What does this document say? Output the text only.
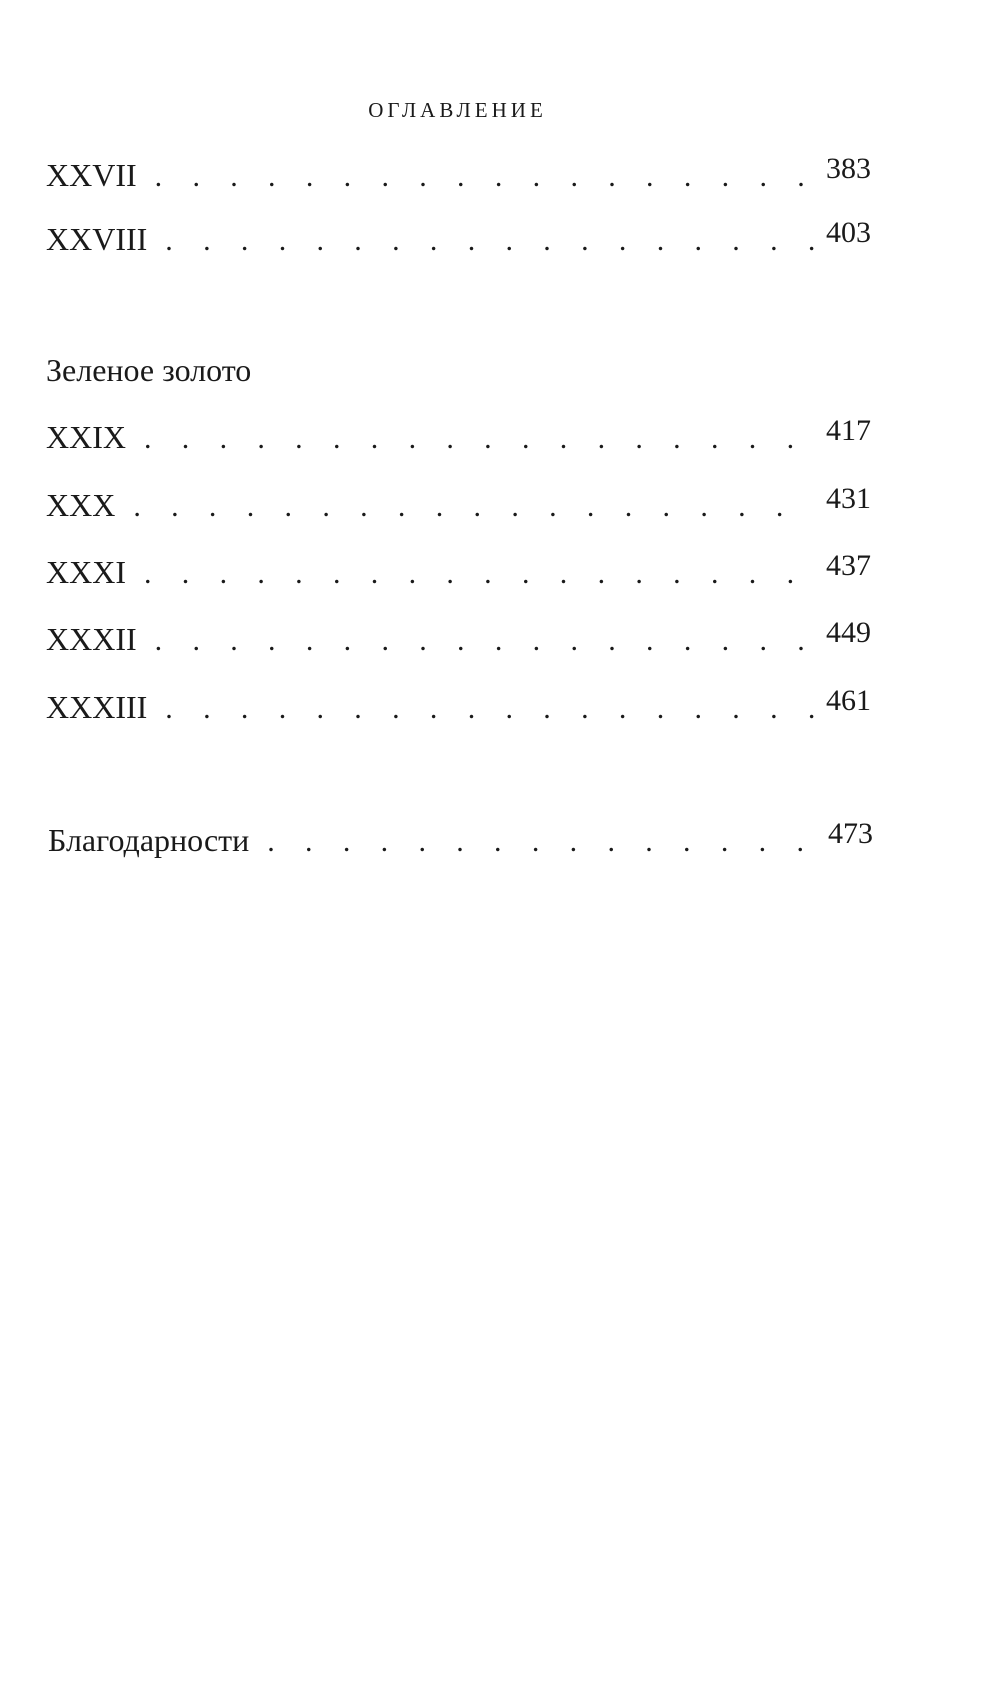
ОГЛАВЛЕНИЕ
XXVII . . .	383
XXVIII . . .	403
Зеленое золото
XXIX . . .	417
XXX . . .	431
XXXI . . .	437
XXXII . . .	449
XXXIII . . .	461
Благодарности . . .	473
